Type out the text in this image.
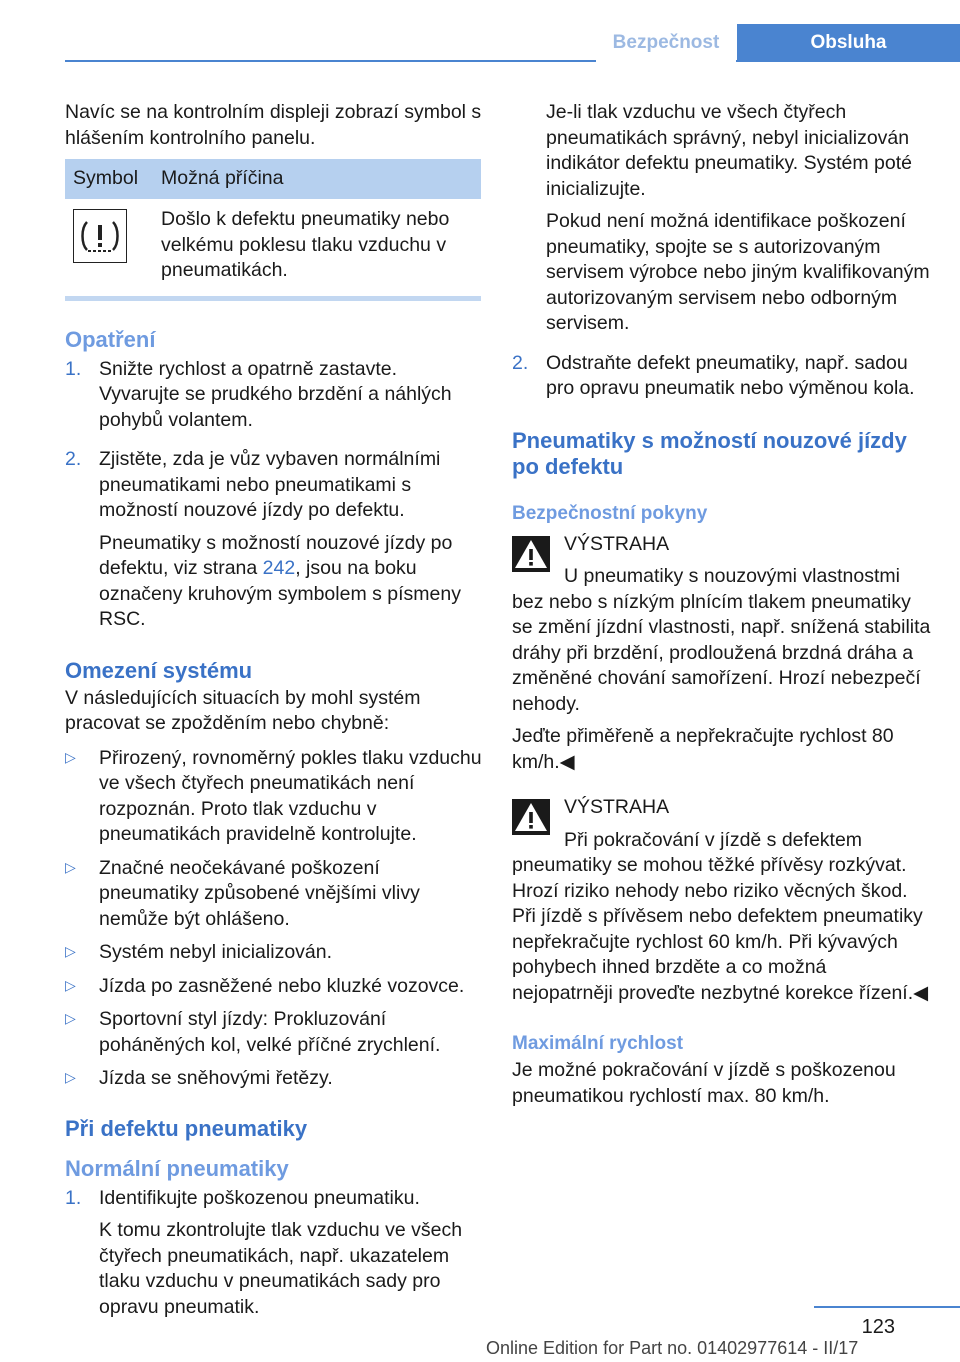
Bezpečnost	Obsluha

Navíc se na kontrolním displeji zobrazí symbol s hlášením kontrolního panelu.

Symbol	Možná příčina
Došlo k defektu pneumatiky nebo velkému poklesu tlaku vzduchu v pneumatikách.
Opatření
1. Snižte rychlost a opatrně zastavte. Vyvarujte se prudkého brzdění a náhlých pohybů volantem.

2. Zjistěte, zda je vůz vybaven normálními pneumatikami nebo pneumatikami s možností nouzové jízdy po defektu.

Pneumatiky s možností nouzové jízdy po defektu, viz strana 242, jsou na boku označeny kruhovým symbolem s písmeny RSC.

Omezení systému

V následujících situacích by mohl systém pracovat se zpožděním nebo chybně:

▷	Přirozený, rovnoměrný pokles tlaku vzduchu ve všech čtyřech pneumatikách není rozpoznán. Proto tlak vzduchu v pneumatikách pravidelně kontrolujte.
▷	Značné neočekávané poškození pneumatiky způsobené vnějšími vlivy nemůže být ohlášeno.
▷	Systém nebyl inicializován.
▷	Jízda po zasněžené nebo kluzké vozovce.
▷	Sportovní styl jízdy: Prokluzování poháněných kol, velké příčné zrychlení.
▷	Jízda se sněhovými řetězy.
Při defektu pneumatiky
Normální pneumatiky
1. Identifikujte poškozenou pneumatiku.

K tomu zkontrolujte tlak vzduchu ve všech čtyřech pneumatikách, např. ukazatelem tlaku vzduchu v pneumatikách sady pro opravu pneumatik.

Je-li tlak vzduchu ve všech čtyřech pneumatikách správný, nebyl inicializován indikátor defektu pneumatiky. Systém poté inicializujte.

Pokud není možná identifikace poškození pneumatiky, spojte se s autorizovaným servisem výrobce nebo jiným kvalifikovaným autorizovaným servisem nebo odborným servisem.

2. Odstraňte defekt pneumatiky, např. sadou pro opravu pneumatik nebo výměnou kola.

Pneumatiky s možností nouzové jízdy po defektu
Bezpečnostní pokyny

VÝSTRAHA

U pneumatiky s nouzovými vlastnostmi bez nebo s nízkým plnícím tlakem pneumatiky se změní jízdní vlastnosti, např. snížená stabilita dráhy při brzdění, prodloužená brzdná dráha a změněné chování samořízení. Hrozí nebezpečí nehody.

Jeďte přiměřeně a nepřekračujte rychlost 80 km/h.◀

VÝSTRAHA

Při pokračování v jízdě s defektem pneumatiky se mohou těžké přívěsy rozkývat. Hrozí riziko nehody nebo riziko věcných škod. Při jízdě s přívěsem nebo defektem pneumatiky nepřekračujte rychlost 60 km/h. Při kývavých pohybech ihned brzděte a co možná nejopatrněji proveďte nezbytné korekce řízení.◀

Maximální rychlost

Je možné pokračování v jízdě s poškozenou pneumatikou rychlostí max. 80 km/h.

123
Online Edition for Part no. 01402977614 - II/17
